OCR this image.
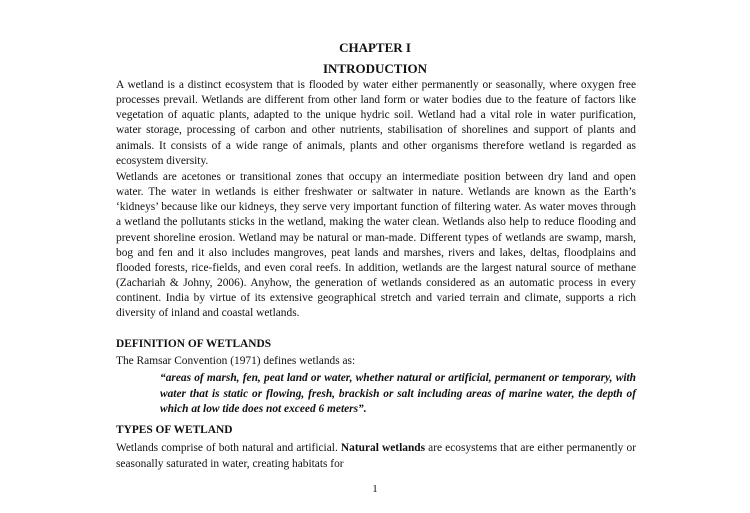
CHAPTER I
INTRODUCTION

A wetland is a distinct ecosystem that is flooded by water either permanently or seasonally, where oxygen free processes prevail. Wetlands are different from other land form or water bodies due to the feature of factors like vegetation of aquatic plants, adapted to the unique hydric soil. Wetland had a vital role in water purification, water storage, processing of carbon and other nutrients, stabilisation of shorelines and support of plants and animals. It consists of a wide range of animals, plants and other organisms therefore wetland is regarded as ecosystem diversity.

Wetlands are acetones or transitional zones that occupy an intermediate position between dry land and open water. The water in wetlands is either freshwater or saltwater in nature. Wetlands are known as the Earth’s ‘kidneys’ because like our kidneys, they serve very important function of filtering water. As water moves through a wetland the pollutants sticks in the wetland, making the water clean. Wetlands also help to reduce flooding and prevent shoreline erosion. Wetland may be natural or man-made. Different types of wetlands are swamp, marsh, bog and fen and it also includes mangroves, peat lands and marshes, rivers and lakes, deltas, floodplains and flooded forests, rice-fields, and even coral reefs. In addition, wetlands are the largest natural source of methane (Zachariah & Johny, 2006). Anyhow, the generation of wetlands considered as an automatic process in every continent. India by virtue of its extensive geographical stretch and varied terrain and climate, supports a rich diversity of inland and coastal wetlands.

DEFINITION OF WETLANDS

The Ramsar Convention (1971) defines wetlands as:

“areas of marsh, fen, peat land or water, whether natural or artificial, permanent or temporary, with water that is static or flowing, fresh, brackish or salt including areas of marine water, the depth of which at low tide does not exceed 6 meters”.

TYPES OF WETLAND

Wetlands comprise of both natural and artificial. Natural wetlands are ecosystems that are either permanently or seasonally saturated in water, creating habitats for

1
